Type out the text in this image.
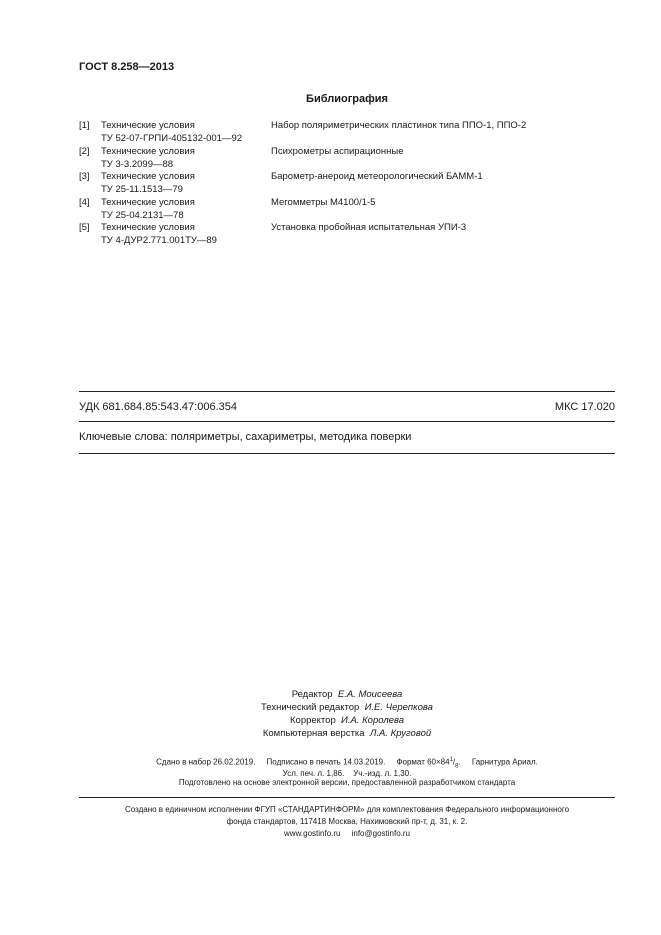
ГОСТ 8.258—2013
Библиография
[1] Технические условия
ТУ 52-07-ГРПИ-405132-001—92
Набор поляриметрических пластинок типа ППО-1, ППО-2
[2] Технические условия
ТУ 3-3.2099—88
Психрометры аспирационные
[3] Технические условия
ТУ 25-11.1513—79
Барометр-анероид метеорологический БАММ-1
[4] Технические условия
ТУ 25-04.2131—78
Мегомметры М4100/1-5
[5] Технические условия
ТУ 4-ДУР2.771.001ТУ—89
Установка пробойная испытательная УПИ-3
УДК 681.684.85:543.47:006.354	МКС 17.020
Ключевые слова: поляриметры, сахариметры, методика поверки
Редактор Е.А. Моисеева
Технический редактор И.Е. Черепкова
Корректор И.А. Королева
Компьютерная верстка Л.А. Круговой
Сдано в набор 26.02.2019. Подписано в печать 14.03.2019. Формат $60\times 84^1/_8$.     Гарнитура Ариал.
Усл. печ. л. 1,86.    Уч.-изд. л. 1,30.
Подготовлено на основе электронной версии, предоставленной разработчиком стандарта
Создано в единичном исполнении ФГУП «СТАНДАРТИНФОРМ» для комплектования Федерального информационного
фонда стандартов, 117418 Москва, Нахимовский пр-т, д. 31, к. 2.
www.gostinfo.ru info@gostinfo.ru
